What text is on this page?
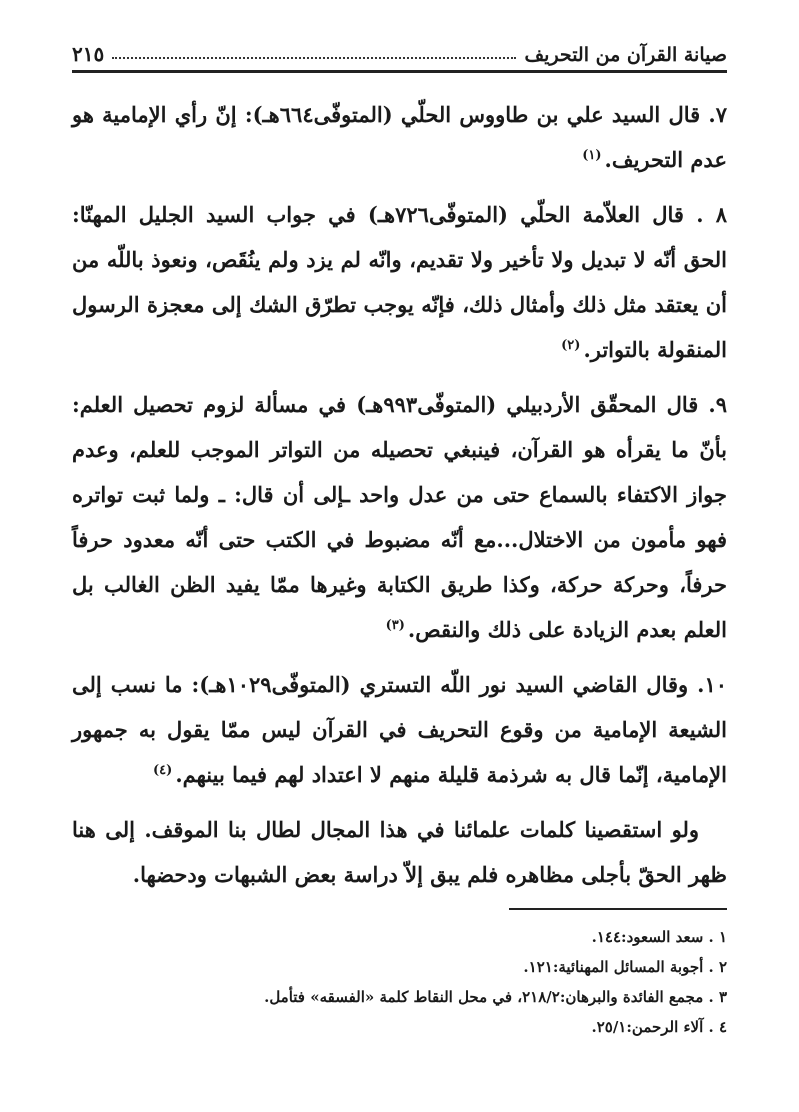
صيانة القرآن من التحريف
٢١٥

٧. قال السيد علي بن طاووس الحلّي (المتوفّى٦٦٤هـ): إنّ رأي الإمامية هو عدم التحريف.$^{(١)}$

٨ . قال العلاّمة الحلّي (المتوفّى٧٢٦هـ) في جواب السيد الجليل المهنّا: الحق أنّه لا تبديل ولا تأخير ولا تقديم، وانّه لم يزد ولم ينُقَص، ونعوذ باللّه من أن يعتقد مثل ذلك وأمثال ذلك، فإنّه يوجب تطرّق الشك إلى معجزة الرسول المنقولة بالتواتر.$^{(٢)}$

٩. قال المحقّق الأردبيلي (المتوفّى٩٩٣هـ) في مسألة لزوم تحصيل العلم: بأنّ ما يقرأه هو القرآن، فينبغي تحصيله من التواتر الموجب للعلم، وعدم جواز الاكتفاء بالسماع حتى من عدل واحد ـإلى أن قال: ـ ولما ثبت تواتره فهو مأمون من الاختلال...مع أنّه مضبوط في الكتب حتى أنّه معدود حرفاً حرفاً، وحركة حركة، وكذا طريق الكتابة وغيرها ممّا يفيد الظن الغالب بل العلم بعدم الزيادة على ذلك والنقص.$^{(٣)}$

١٠. وقال القاضي السيد نور اللّه التستري (المتوفّى١٠٢٩هـ): ما نسب إلى الشيعة الإمامية من وقوع التحريف في القرآن ليس ممّا يقول به جمهور الإمامية، إنّما قال به شرذمة قليلة منهم لا اعتداد لهم فيما بينهم.$^{(٤)}$

ولو استقصينا كلمات علمائنا في هذا المجال لطال بنا الموقف. إلى هنا ظهر الحقّ بأجلى مظاهره فلم يبق إلاّ دراسة بعض الشبهات ودحضها.

١ . سعد السعود:١٤٤.
٢ . أجوبة المسائل المهنائية:١٢١.
٣ . مجمع الفائدة والبرهان:٢١٨/٢، في محل النقاط كلمة «الفسقه» فتأمل.
٤ . آلاء الرحمن:٢٥/١.
